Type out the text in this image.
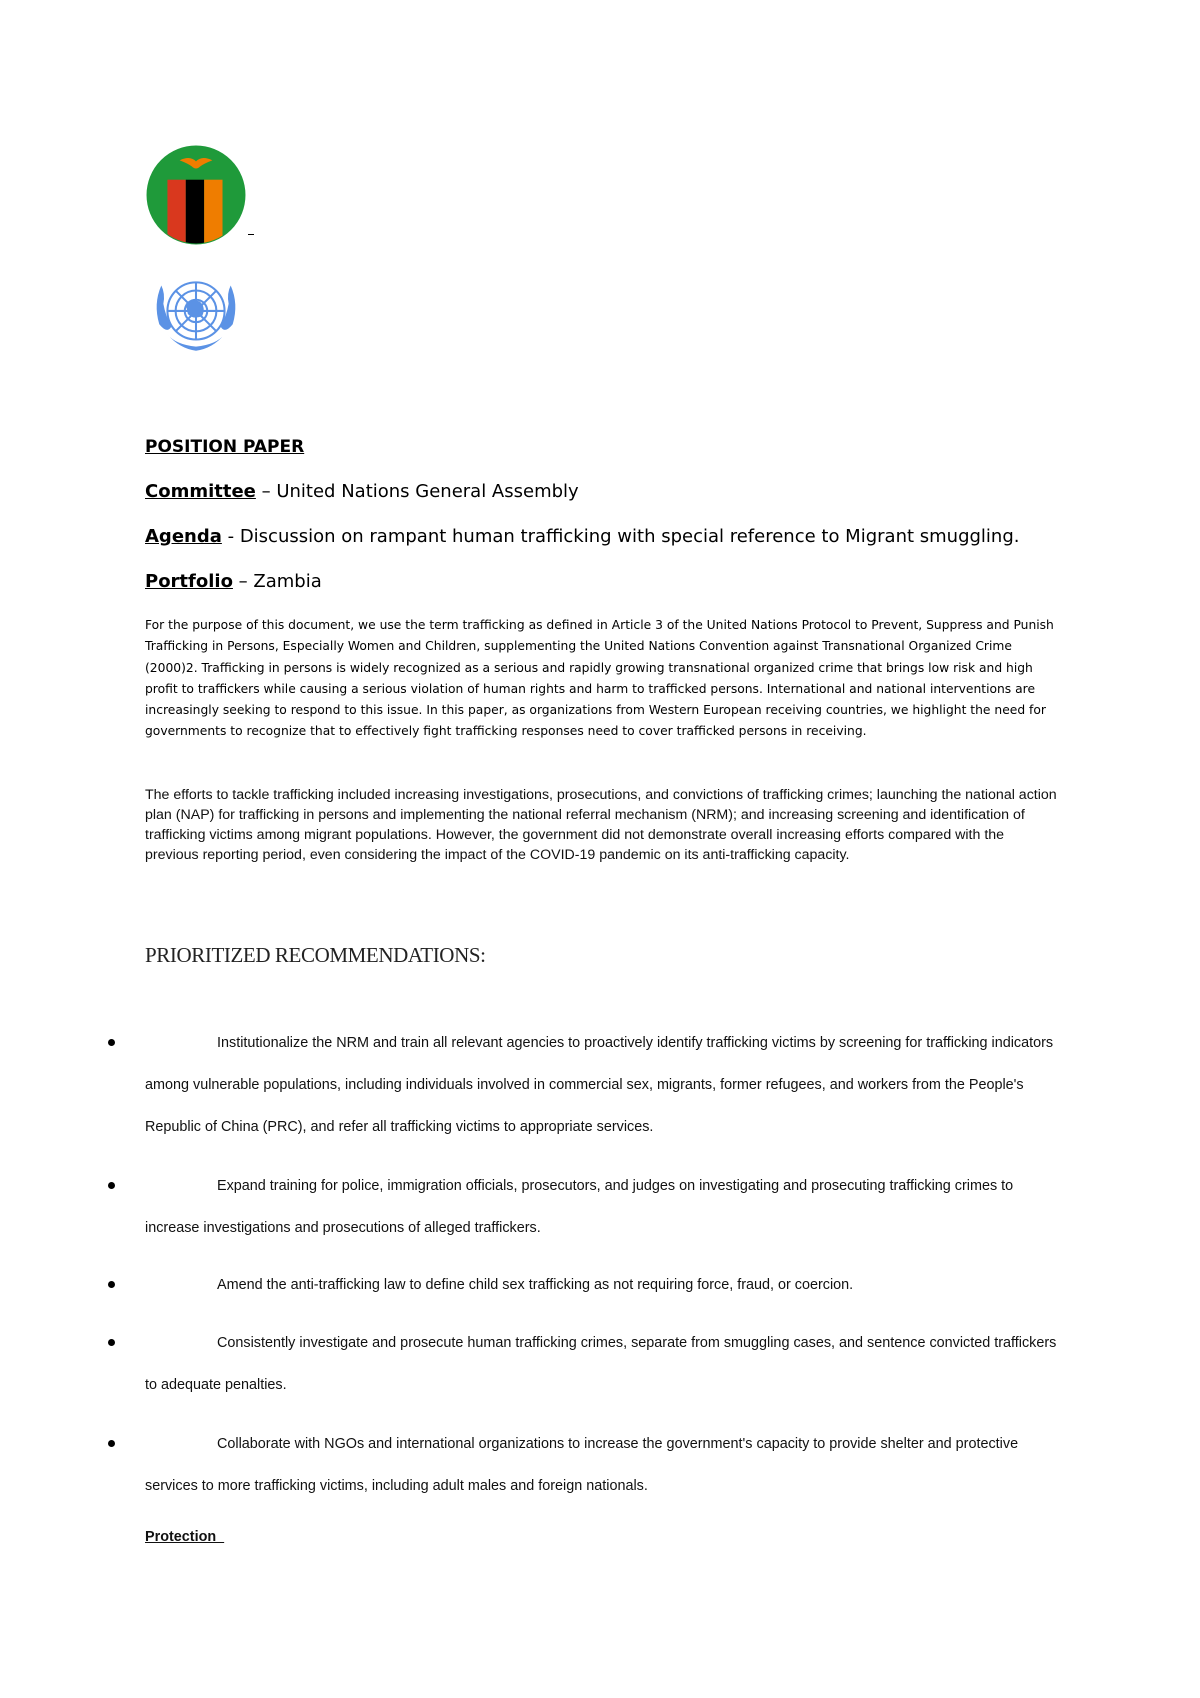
POSITION PAPER
Committee – United Nations General Assembly
Agenda - Discussion on rampant human trafficking with special reference to Migrant smuggling.
Portfolio – Zambia

For the purpose of this document, we use the term trafficking as defined in Article 3 of the United Nations Protocol to Prevent, Suppress and Punish Trafficking in Persons, Especially Women and Children, supplementing the United Nations Convention against Transnational Organized Crime (2000)2. Trafficking in persons is widely recognized as a serious and rapidly growing transnational organized crime that brings low risk and high profit to traffickers while causing a serious violation of human rights and harm to trafficked persons. International and national interventions are increasingly seeking to respond to this issue. In this paper, as organizations from Western European receiving countries, we highlight the need for governments to recognize that to effectively fight trafficking responses need to cover trafficked persons in receiving.

The efforts to tackle trafficking included increasing investigations, prosecutions, and convictions of trafficking crimes; launching the national action plan (NAP) for trafficking in persons and implementing the national referral mechanism (NRM); and increasing screening and identification of trafficking victims among migrant populations. However, the government did not demonstrate overall increasing efforts compared with the previous reporting period, even considering the impact of the COVID-19 pandemic on its anti-trafficking capacity.

PRIORITIZED RECOMMENDATIONS:

Institutionalize the NRM and train all relevant agencies to proactively identify trafficking victims by screening for trafficking indicators among vulnerable populations, including individuals involved in commercial sex, migrants, former refugees, and workers from the People's Republic of China (PRC), and refer all trafficking victims to appropriate services.

Expand training for police, immigration officials, prosecutors, and judges on investigating and prosecuting trafficking crimes to increase investigations and prosecutions of alleged traffickers.

Amend the anti-trafficking law to define child sex trafficking as not requiring force, fraud, or coercion.

Consistently investigate and prosecute human trafficking crimes, separate from smuggling cases, and sentence convicted traffickers to adequate penalties.

Collaborate with NGOs and international organizations to increase the government's capacity to provide shelter and protective services to more trafficking victims, including adult males and foreign nationals.

Protection
